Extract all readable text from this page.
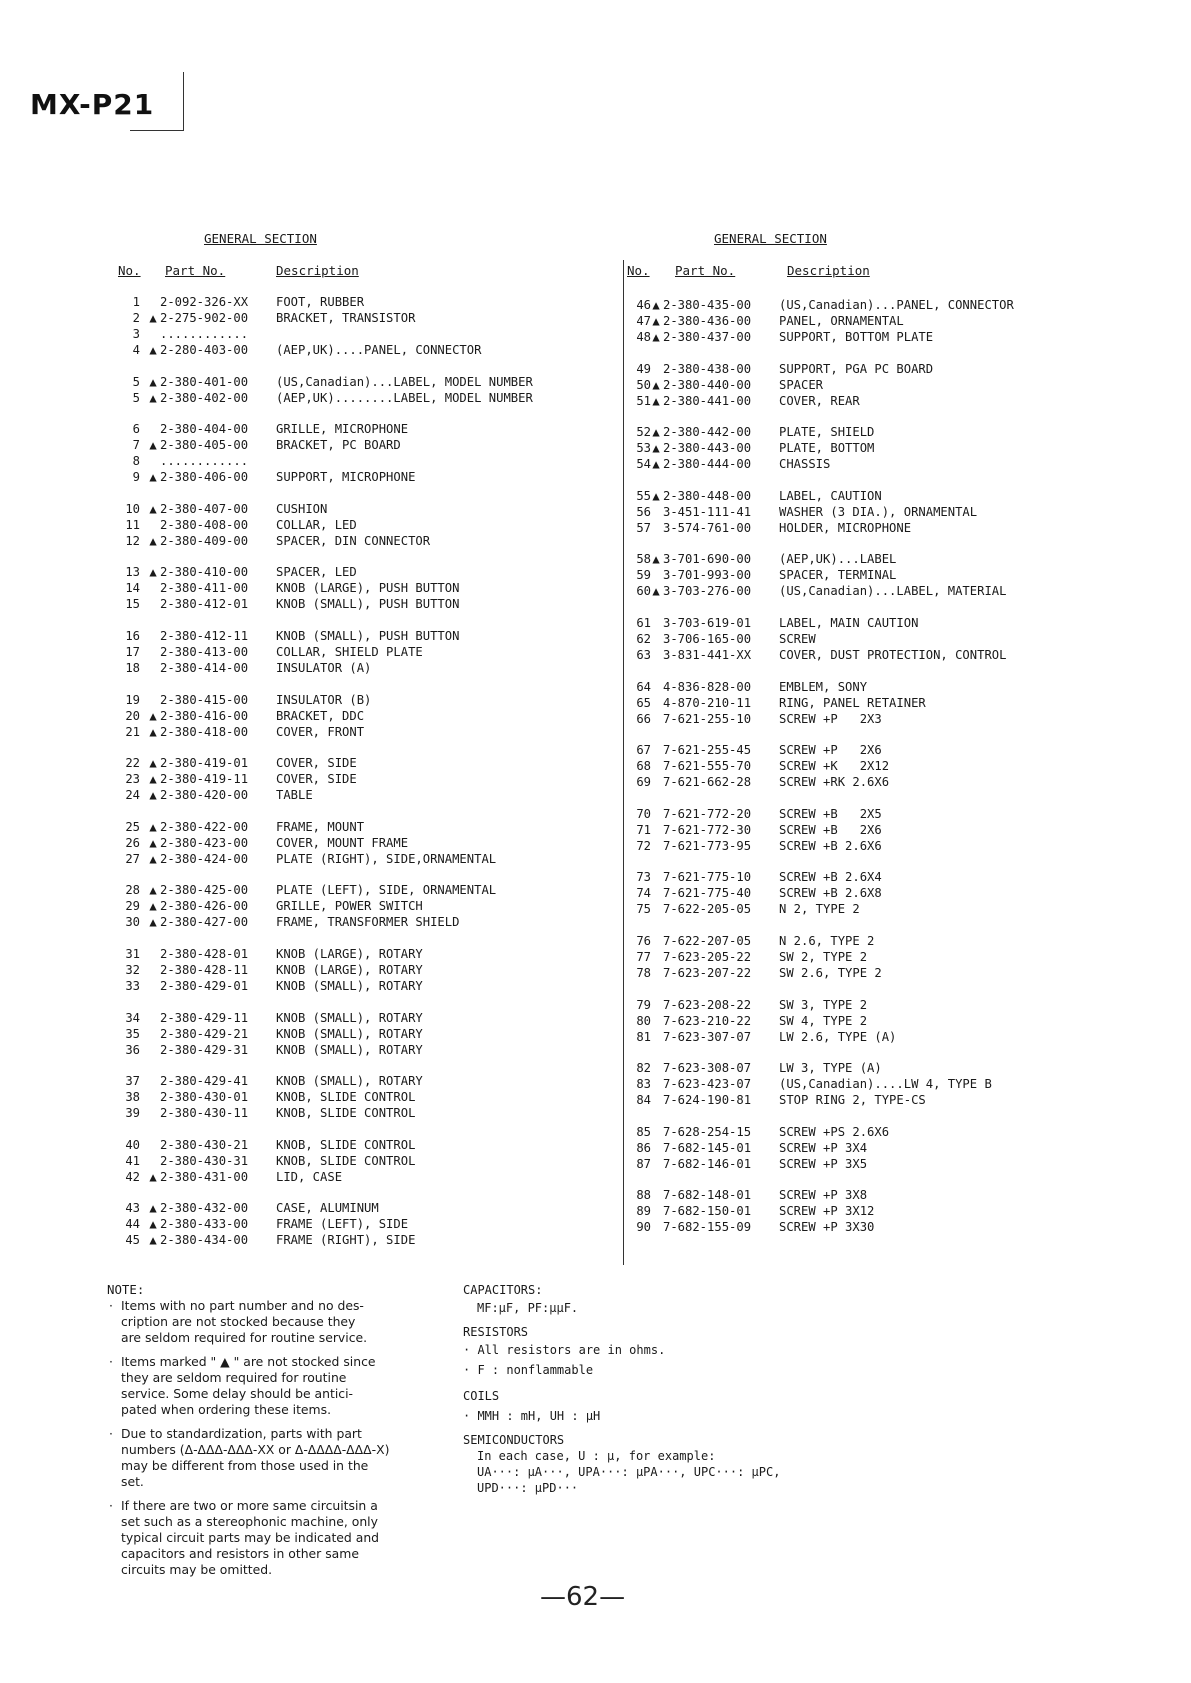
MX-P21
GENERAL SECTION
No. Part No.	Description
GENERAL SECTION
No. Part No.	Description
1 2-092-326-XX FOOT, RUBBER
2 ▲ 2-275-902-00 BRACKET, TRANSISTOR
3 ............
4 ▲ 2-280-403-00 (AEP,UK)....PANEL, CONNECTOR
5 ▲ 2-380-401-00 (US,Canadian)...LABEL, MODEL NUMBER
5 ▲ 2-380-402-00 (AEP,UK)........LABEL, MODEL NUMBER
6 2-380-404-00 GRILLE, MICROPHONE
7 ▲ 2-380-405-00 BRACKET, PC BOARD
8 ............
9 ▲ 2-380-406-00 SUPPORT, MICROPHONE
10 ▲ 2-380-407-00 CUSHION
11 2-380-408-00 COLLAR, LED
12 ▲ 2-380-409-00 SPACER, DIN CONNECTOR
13 ▲ 2-380-410-00 SPACER, LED
14 2-380-411-00 KNOB (LARGE), PUSH BUTTON
15 2-380-412-01 KNOB (SMALL), PUSH BUTTON
16 2-380-412-11 KNOB (SMALL), PUSH BUTTON
17 2-380-413-00 COLLAR, SHIELD PLATE
18 2-380-414-00 INSULATOR (A)
19 2-380-415-00 INSULATOR (B)
20 ▲ 2-380-416-00 BRACKET, DDC
21 ▲ 2-380-418-00 COVER, FRONT
22 ▲ 2-380-419-01 COVER, SIDE
23 ▲ 2-380-419-11 COVER, SIDE
24 ▲ 2-380-420-00 TABLE
25 ▲ 2-380-422-00 FRAME, MOUNT
26 ▲ 2-380-423-00 COVER, MOUNT FRAME
27 ▲ 2-380-424-00 PLATE (RIGHT), SIDE,ORNAMENTAL
28 ▲ 2-380-425-00 PLATE (LEFT), SIDE, ORNAMENTAL
29 ▲ 2-380-426-00 GRILLE, POWER SWITCH
30 ▲ 2-380-427-00 FRAME, TRANSFORMER SHIELD
31 2-380-428-01 KNOB (LARGE), ROTARY
32 2-380-428-11 KNOB (LARGE), ROTARY
33 2-380-429-01 KNOB (SMALL), ROTARY
34 2-380-429-11 KNOB (SMALL), ROTARY
35 2-380-429-21 KNOB (SMALL), ROTARY
36 2-380-429-31 KNOB (SMALL), ROTARY
37 2-380-429-41 KNOB (SMALL), ROTARY
38 2-380-430-01 KNOB, SLIDE CONTROL
39 2-380-430-11 KNOB, SLIDE CONTROL
40 2-380-430-21 KNOB, SLIDE CONTROL
41 2-380-430-31 KNOB, SLIDE CONTROL
42 ▲ 2-380-431-00 LID, CASE
43 ▲ 2-380-432-00 CASE, ALUMINUM
44 ▲ 2-380-433-00 FRAME (LEFT), SIDE
45 ▲ 2-380-434-00 FRAME (RIGHT), SIDE
46 ▲ 2-380-435-00 (US,Canadian)...PANEL, CONNECTOR
47 ▲ 2-380-436-00 PANEL, ORNAMENTAL
48 ▲ 2-380-437-00 SUPPORT, BOTTOM PLATE
49 2-380-438-00 SUPPORT, PGA PC BOARD
50 ▲ 2-380-440-00 SPACER
51 ▲ 2-380-441-00 COVER, REAR
52 ▲ 2-380-442-00 PLATE, SHIELD
53 ▲ 2-380-443-00 PLATE, BOTTOM
54 ▲ 2-380-444-00 CHASSIS
55 ▲ 2-380-448-00 LABEL, CAUTION
56 3-451-111-41 WASHER (3 DIA.), ORNAMENTAL
57 3-574-761-00 HOLDER, MICROPHONE
58 ▲ 3-701-690-00 (AEP,UK)...LABEL
59 3-701-993-00 SPACER, TERMINAL
60 ▲ 3-703-276-00 (US,Canadian)...LABEL, MATERIAL
61 3-703-619-01 LABEL, MAIN CAUTION
62 3-706-165-00 SCREW
63 3-831-441-XX COVER, DUST PROTECTION, CONTROL
64 4-836-828-00 EMBLEM, SONY
65 4-870-210-11 RING, PANEL RETAINER
66 7-621-255-10 SCREW +P   2X3
67 7-621-255-45 SCREW +P   2X6
68 7-621-555-70 SCREW +K   2X12
69 7-621-662-28 SCREW +RK 2.6X6
70 7-621-772-20 SCREW +B   2X5
71 7-621-772-30 SCREW +B   2X6
72 7-621-773-95 SCREW +B 2.6X6
73 7-621-775-10 SCREW +B 2.6X4
74 7-621-775-40 SCREW +B 2.6X8
75 7-622-205-05 N 2, TYPE 2
76 7-622-207-05 N 2.6, TYPE 2
77 7-623-205-22 SW 2, TYPE 2
78 7-623-207-22 SW 2.6, TYPE 2
79 7-623-208-22 SW 3, TYPE 2
80 7-623-210-22 SW 4, TYPE 2
81 7-623-307-07 LW 2.6, TYPE (A)
82 7-623-308-07 LW 3, TYPE (A)
83 7-623-423-07 (US,Canadian)....LW 4, TYPE B
84 7-624-190-81 STOP RING 2, TYPE-CS
85 7-628-254-15 SCREW +PS 2.6X6
86 7-682-145-01 SCREW +P 3X4
87 7-682-146-01 SCREW +P 3X5
88 7-682-148-01 SCREW +P 3X8
89 7-682-150-01 SCREW +P 3X12
90 7-682-155-09 SCREW +P 3X30
NOTE:
· Items with no part number and no des-
cription are not stocked because they
are seldom required for routine service.
· Items marked " ▲ " are not stocked since
they are seldom required for routine
service. Some delay should be antici-
pated when ordering these items.
· Due to standardization, parts with part
numbers (Δ-ΔΔΔ-ΔΔΔ-XX or Δ-ΔΔΔΔ-ΔΔΔ-X)
may be different from those used in the
set.
· If there are two or more same circuitsin a
set such as a stereophonic machine, only
typical circuit parts may be indicated and
capacitors and resistors in other same
circuits may be omitted.
CAPACITORS:
MF:μF, PF:μμF.
RESISTORS
· All resistors are in ohms.
· F : nonflammable
COILS
· MMH : mH, UH : μH
SEMICONDUCTORS
In each case, U : μ, for example:
UA···: μA···, UPA···: μPA···, UPC···: μPC,
UPD···: μPD···
—62—
